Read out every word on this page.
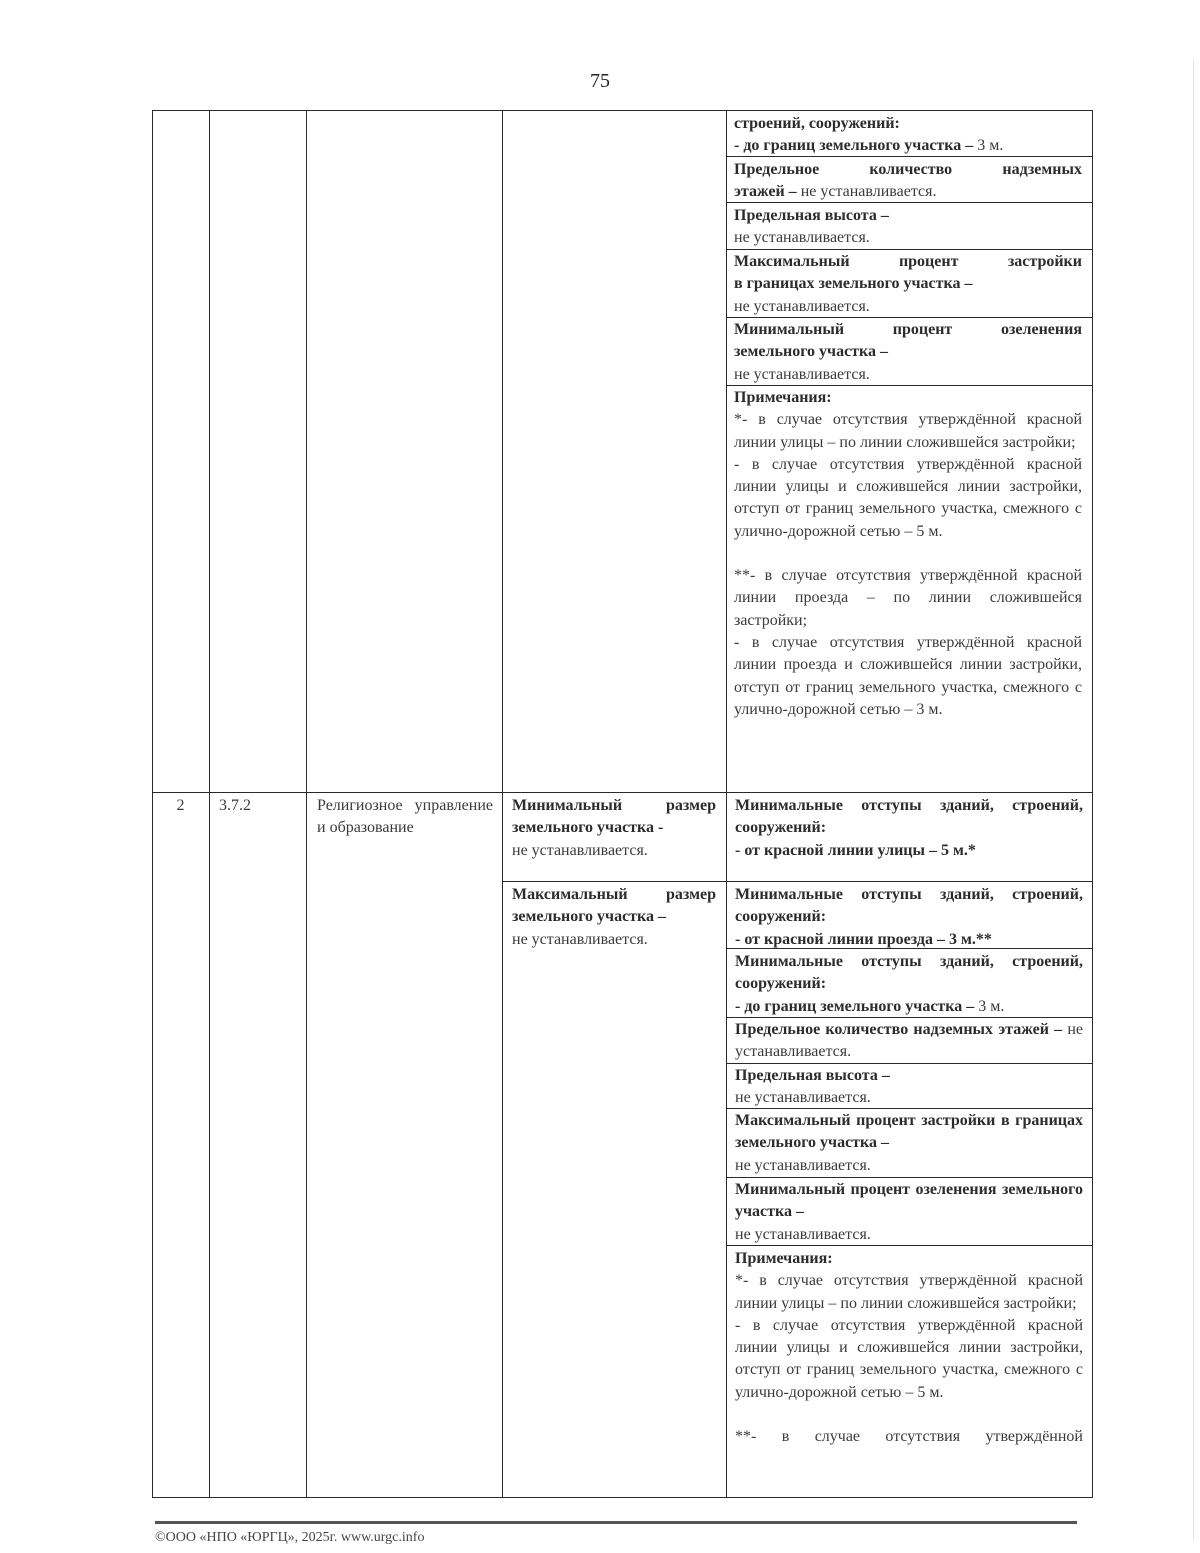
75
строений, сооружений:
- до границ земельного участка – 3 м.
Предельное количество надземных
этажей – не устанавливается.
Предельная высота –
не устанавливается.
Максимальный процент застройки
в границах земельного участка –
не устанавливается.
Минимальный процент озеленения
земельного участка –
не устанавливается.
Примечания:
*- в случае отсутствия утверждённой красной линии улицы – по линии сложившейся застройки;
- в случае отсутствия утверждённой красной линии улицы и сложившейся линии застройки, отступ от границ земельного участка, смежного с улично-дорожной сетью – 5 м.
**- в случае отсутствия утверждённой красной линии проезда – по линии сложившейся застройки;
- в случае отсутствия утверждённой красной линии проезда и сложившейся линии застройки, отступ от границ земельного участка, смежного с улично-дорожной сетью – 3 м.
2	3.7.2	Религиозное управление и образование
Минимальный размер земельного участка -
не устанавливается.
Максимальный размер земельного участка –
не устанавливается.
Минимальные отступы зданий, строений, сооружений:
- от красной линии улицы – 5 м.*
Минимальные отступы зданий, строений, сооружений:
- от красной линии проезда – 3 м.**
Минимальные отступы зданий, строений, сооружений:
- до границ земельного участка – 3 м.
Предельное количество надземных этажей – не устанавливается.
Предельная высота –
не устанавливается.
Максимальный процент застройки в границах земельного участка –
не устанавливается.
Минимальный процент озеленения земельного участка –
не устанавливается.
Примечания:
*- в случае отсутствия утверждённой красной линии улицы – по линии сложившейся застройки;
- в случае отсутствия утверждённой красной линии улицы и сложившейся линии застройки, отступ от границ земельного участка, смежного с улично-дорожной сетью – 5 м.
**- в случае отсутствия утверждённой
©ООО «НПО «ЮРГЦ», 2025г. www.urgc.info
